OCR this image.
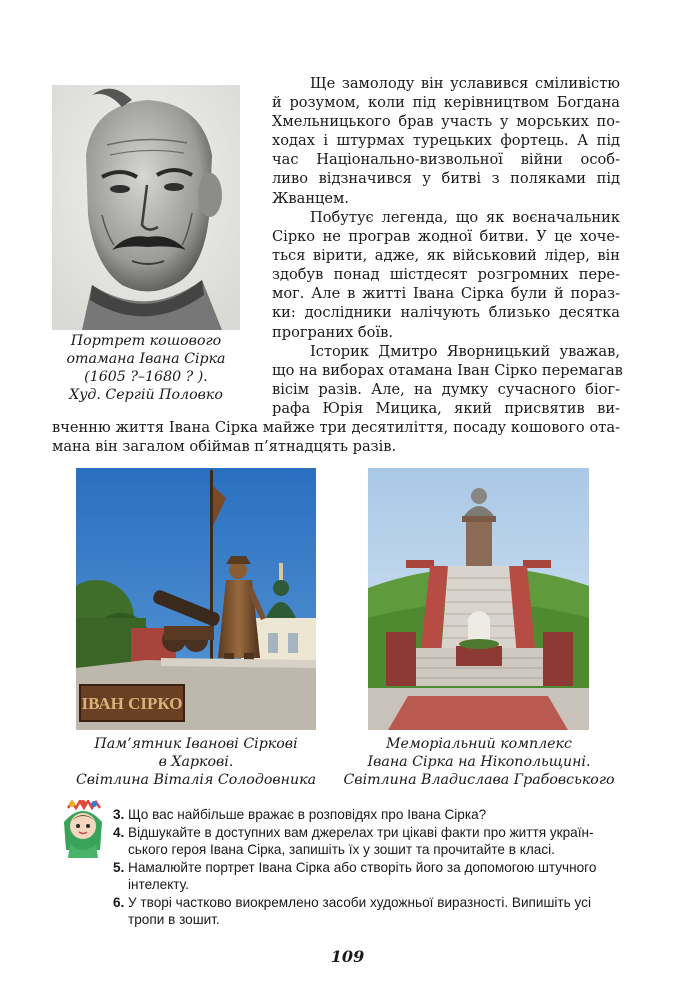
Портрет кошового
отамана Івана Сірка
(1605 ?–1680 ? ).
Худ. Сергій Половко
Ще замолоду він уславився сміливістю
й розумом, коли під керівництвом Богдана
Хмельницького брав участь у морських по-
ходах і штурмах турецьких фортець. А під
час Національно-визвольної війни особ-
ливо відзначився у битві з поляками під
Жванцем.
Побутує легенда, що як воєначальник
Сірко не програв жодної битви. У це хоче-
ться вірити, адже, як військовий лідер, він
здобув понад шістдесят розгромних пере-
мог. Але в житті Івана Сірка були й пораз-
ки: дослідники налічують близько десятка
програних боїв.
Історик Дмитро Яворницький уважав,
що на виборах отамана Іван Сірко перемагав
вісім разів. Але, на думку сучасного біог-
рафа Юрія Мицика, який присвятив ви-
вченню життя Івана Сірка майже три десятиліття, посаду кошового ота-
мана він загалом обіймав п’ятнадцять разів.
ІВАН СІРКО
Пам’ятник Іванові Сіркові
в Харкові.
Світлина Віталія Солодовника
Меморіальний комплекс
Івана Сірка на Нікопольщині.
Світлина Владислава Грабовського
3. Що вас найбільше вражає в розповідях про Івана Сірка?
4. Відшукайте в доступних вам джерелах три цікаві факти про життя україн-
ського героя Івана Сірка, запишіть їх у зошит та прочитайте в класі.
5. Намалюйте портрет Івана Сірка або створіть його за допомогою штучного
інтелекту.
6. У творі частково виокремлено засоби художньої виразності. Випишіть усі
тропи в зошит.
109
